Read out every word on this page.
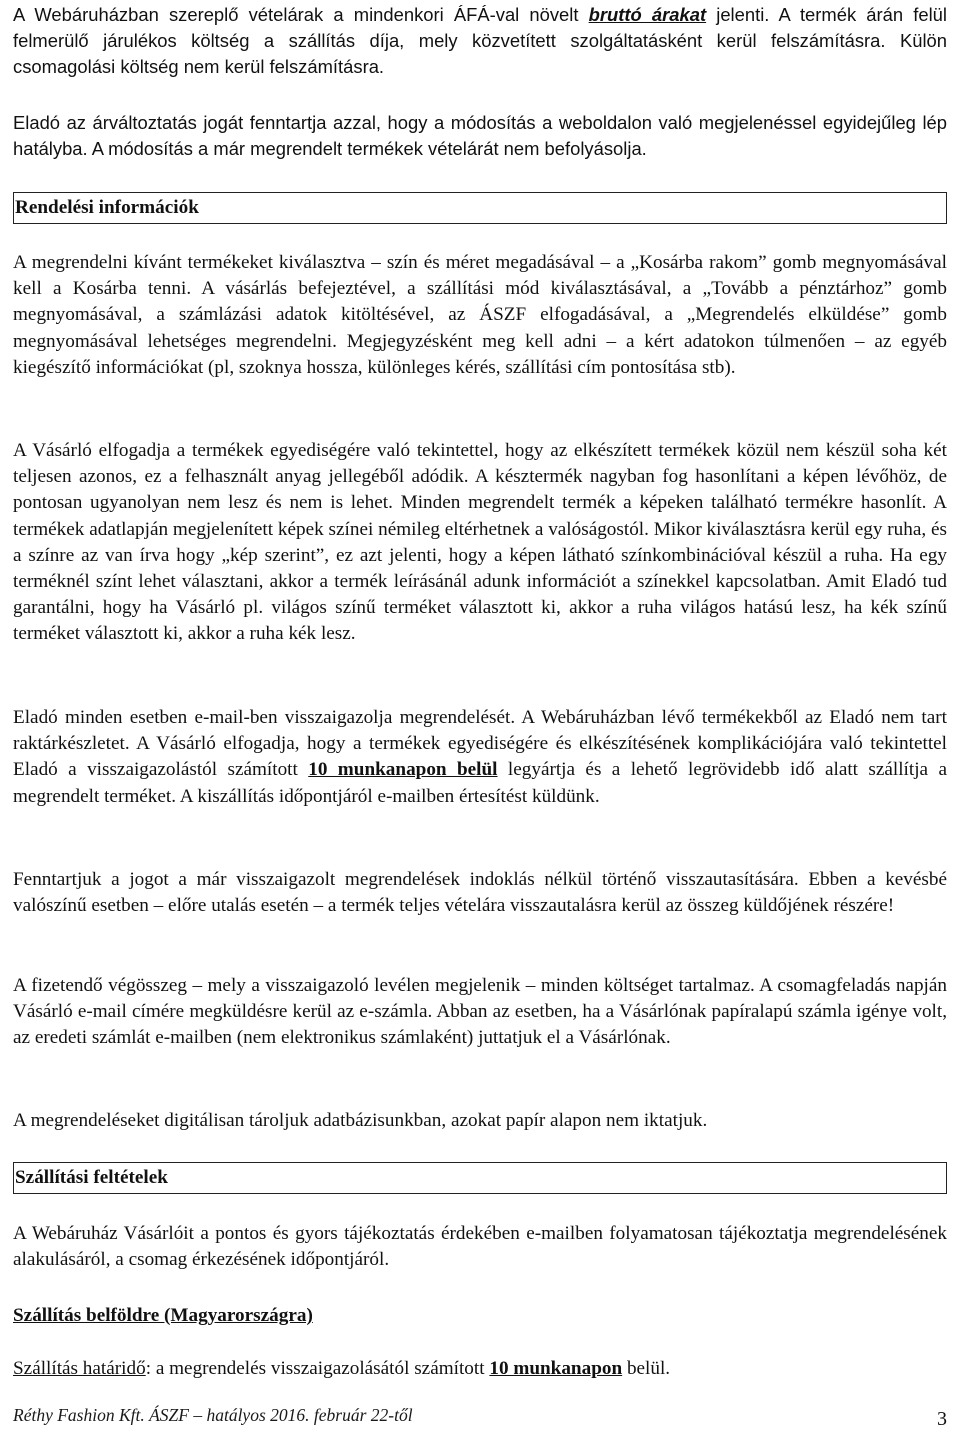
A Webáruházban szereplő vételárak a mindenkori ÁFÁ-val növelt bruttó árakat jelenti. A termék árán felül felmerülő járulékos költség a szállítás díja, mely közvetített szolgáltatásként kerül felszámításra. Külön csomagolási költség nem kerül felszámításra.

Eladó az árváltoztatás jogát fenntartja azzal, hogy a módosítás a weboldalon való megjelenéssel egyidejűleg lép hatályba. A módosítás a már megrendelt termékek vételárát nem befolyásolja.

Rendelési információk

A megrendelni kívánt termékeket kiválasztva – szín és méret megadásával – a „Kosárba rakom” gomb megnyomásával kell a Kosárba tenni. A vásárlás befejeztével, a szállítási mód kiválasztásával, a „Tovább a pénztárhoz” gomb megnyomásával, a számlázási adatok kitöltésével, az ÁSZF elfogadásával, a „Megrendelés elküldése” gomb megnyomásával lehetséges megrendelni. Megjegyzésként meg kell adni – a kért adatokon túlmenően – az egyéb kiegészítő információkat (pl, szoknya hossza, különleges kérés, szállítási cím pontosítása stb).

A Vásárló elfogadja a termékek egyediségére való tekintettel, hogy az elkészített termékek közül nem készül soha két teljesen azonos, ez a felhasznált anyag jellegéből adódik. A késztermék nagyban fog hasonlítani a képen lévőhöz, de pontosan ugyanolyan nem lesz és nem is lehet. Minden megrendelt termék a képeken található termékre hasonlít. A termékek adatlapján megjelenített képek színei némileg eltérhetnek a valóságostól. Mikor kiválasztásra kerül egy ruha, és a színre az van írva hogy „kép szerint”, ez azt jelenti, hogy a képen látható színkombinációval készül a ruha. Ha egy terméknél színt lehet választani, akkor a termék leírásánál adunk információt a színekkel kapcsolatban. Amit Eladó tud garantálni, hogy ha Vásárló pl. világos színű terméket választott ki, akkor a ruha világos hatású lesz, ha kék színű terméket választott ki, akkor a ruha kék lesz.

Eladó minden esetben e-mail-ben visszaigazolja megrendelését. A Webáruházban lévő termékekből az Eladó nem tart raktárkészletet. A Vásárló elfogadja, hogy a termékek egyediségére és elkészítésének komplikációjára való tekintettel Eladó a visszaigazolástól számított 10 munkanapon belül legyártja és a lehető legrövidebb idő alatt szállítja a megrendelt terméket. A kiszállítás időpontjáról e-mailben értesítést küldünk.

Fenntartjuk a jogot a már visszaigazolt megrendelések indoklás nélkül történő visszautasítására. Ebben a kevésbé valószínű esetben – előre utalás esetén – a termék teljes vételára visszautalásra kerül az összeg küldőjének részére!

A fizetendő végösszeg – mely a visszaigazoló levélen megjelenik – minden költséget tartalmaz. A csomagfeladás napján Vásárló e-mail címére megküldésre kerül az e-számla. Abban az esetben, ha a Vásárlónak papíralapú számla igénye volt, az eredeti számlát e-mailben (nem elektronikus számlaként) juttatjuk el a Vásárlónak.

A megrendeléseket digitálisan tároljuk adatbázisunkban, azokat papír alapon nem iktatjuk.

Szállítási feltételek

A Webáruház Vásárlóit a pontos és gyors tájékoztatás érdekében e-mailben folyamatosan tájékoztatja megrendelésének alakulásáról, a csomag érkezésének időpontjáról.

Szállítás belföldre (Magyarországra)

Szállítás határidő: a megrendelés visszaigazolásától számított 10 munkanapon belül.

Réthy Fashion Kft. ÁSZF – hatályos 2016. február 22-től	3
